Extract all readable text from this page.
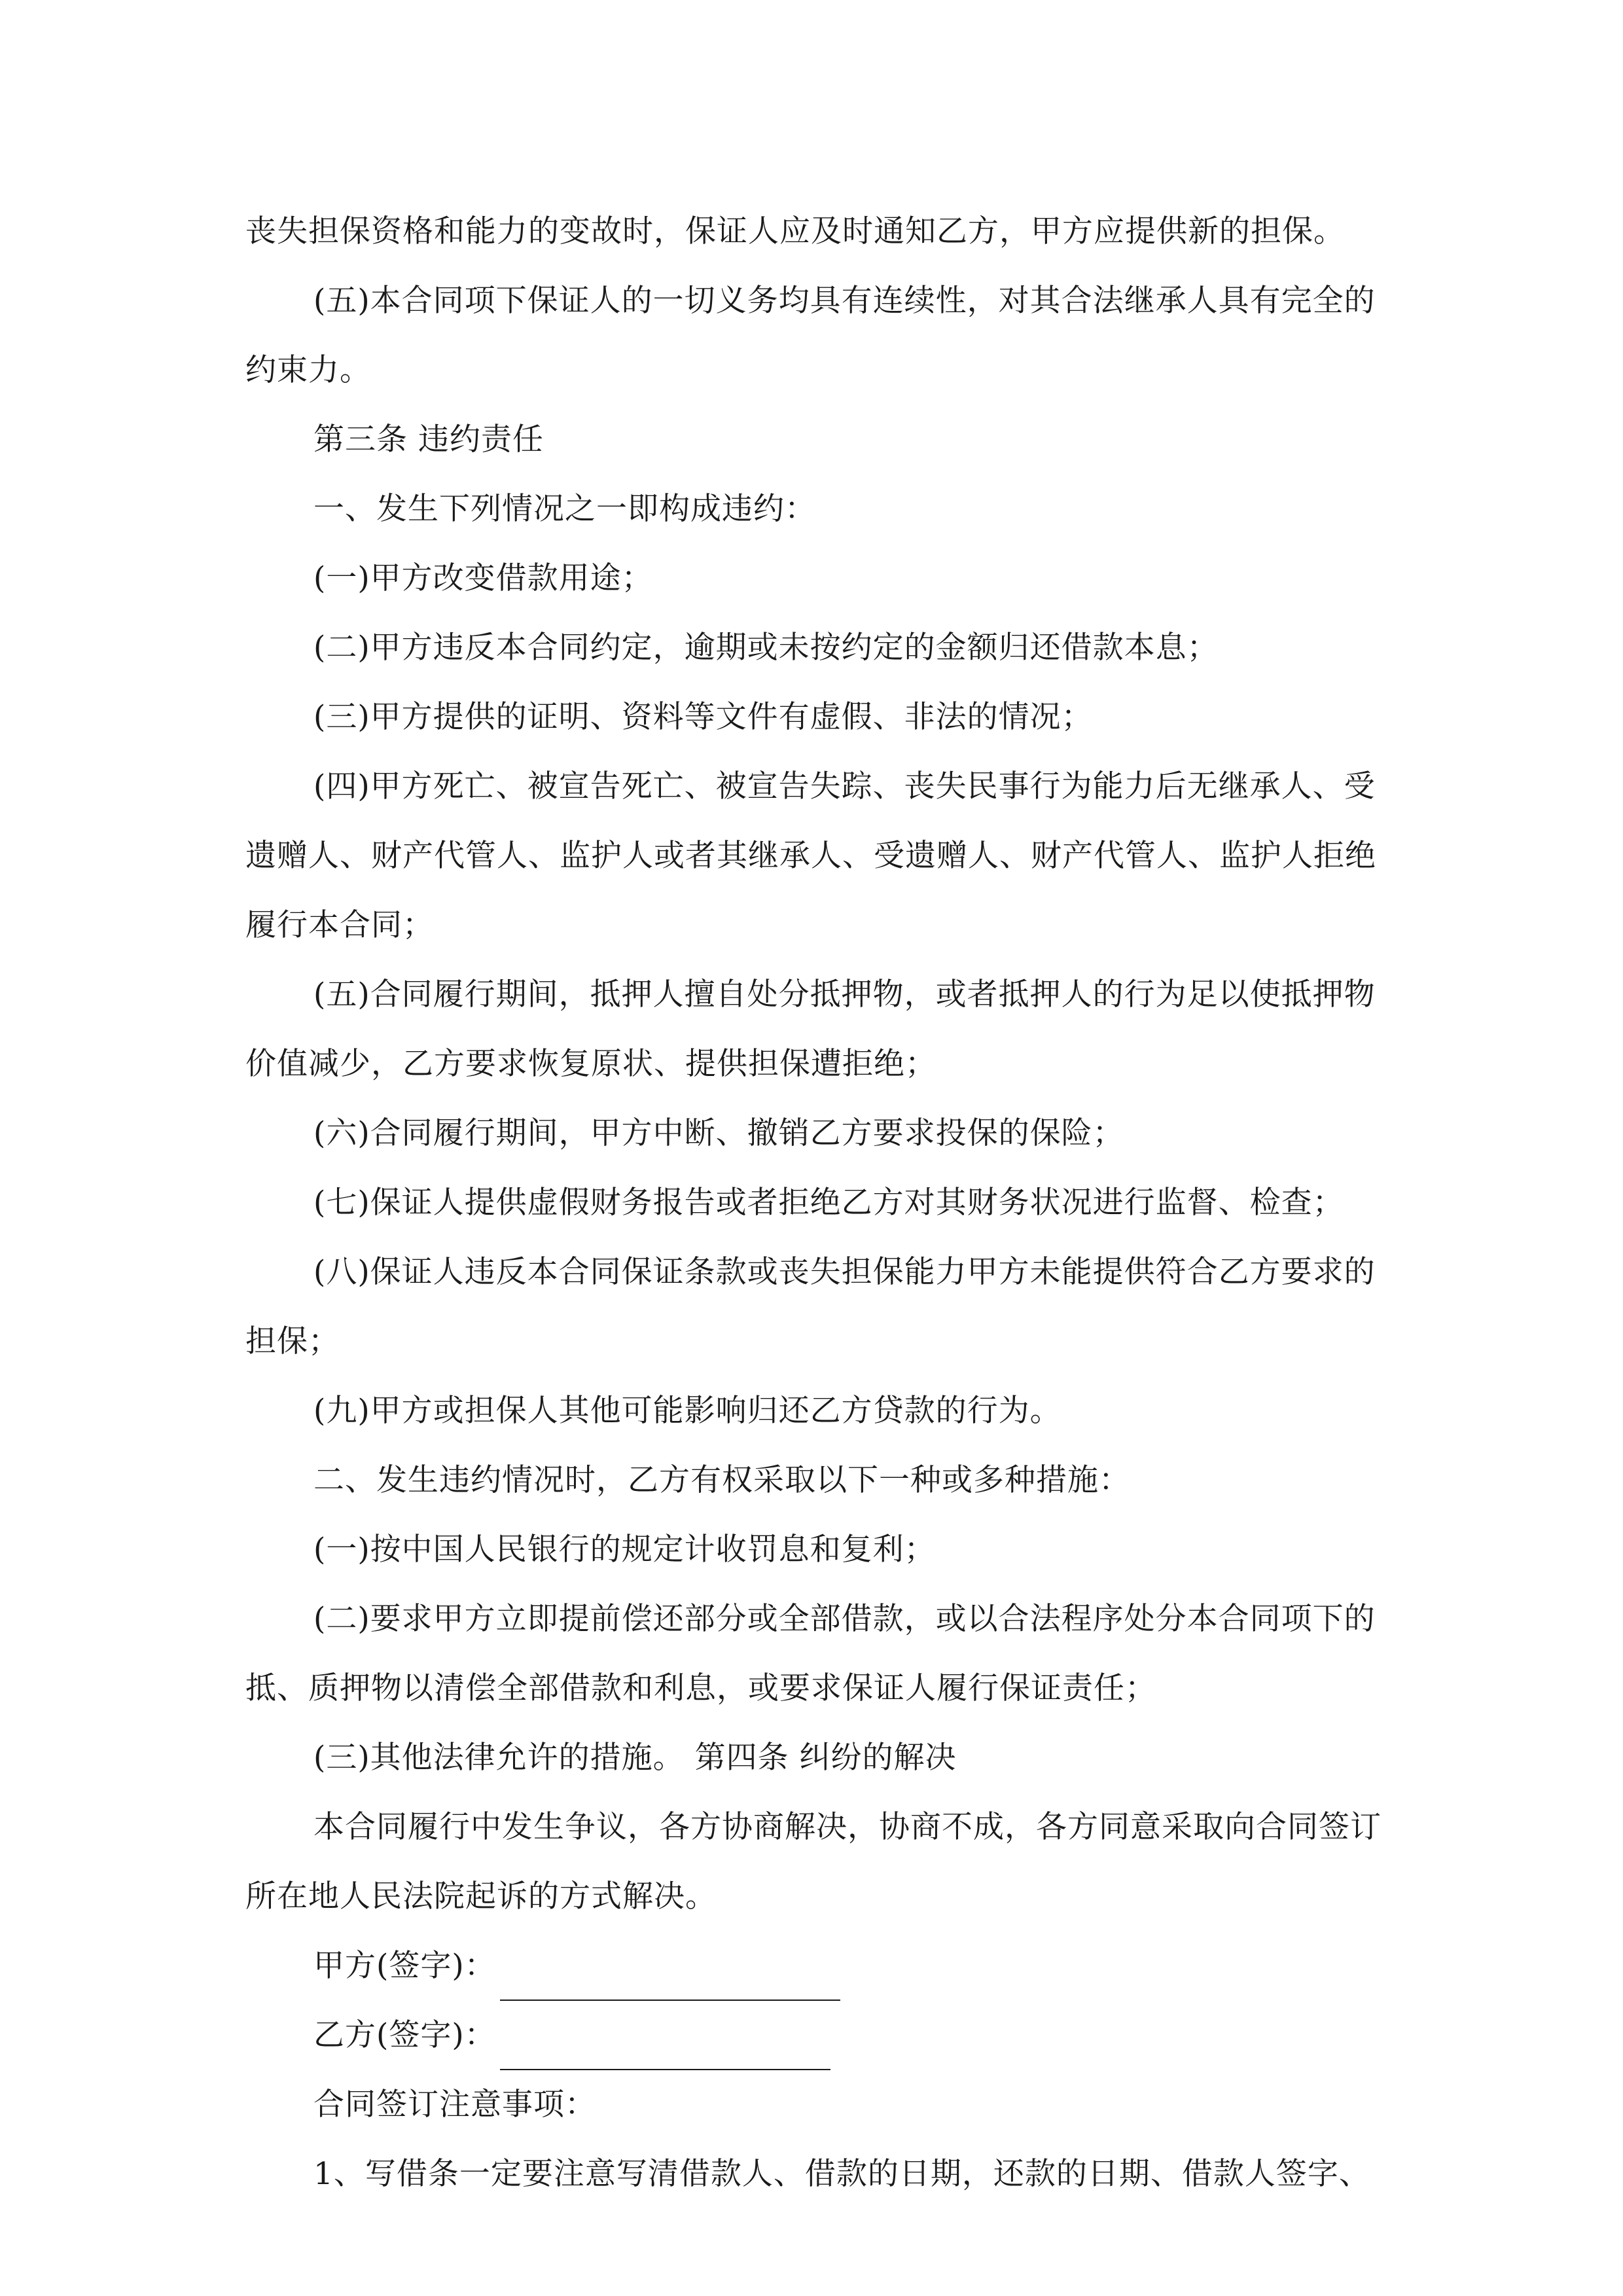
丧失担保资格和能力的变故时，保证人应及时通知乙方，甲方应提供新的担保。

(五)本合同项下保证人的一切义务均具有连续性，对其合法继承人具有完全的约束力。

第三条 违约责任

一、发生下列情况之一即构成违约：

(一)甲方改变借款用途；

(二)甲方违反本合同约定，逾期或未按约定的金额归还借款本息；

(三)甲方提供的证明、资料等文件有虚假、非法的情况；

(四)甲方死亡、被宣告死亡、被宣告失踪、丧失民事行为能力后无继承人、受遗赠人、财产代管人、监护人或者其继承人、受遗赠人、财产代管人、监护人拒绝履行本合同；

(五)合同履行期间，抵押人擅自处分抵押物，或者抵押人的行为足以使抵押物价值减少，乙方要求恢复原状、提供担保遭拒绝；

(六)合同履行期间，甲方中断、撤销乙方要求投保的保险；

(七)保证人提供虚假财务报告或者拒绝乙方对其财务状况进行监督、检查；

(八)保证人违反本合同保证条款或丧失担保能力甲方未能提供符合乙方要求的担保；

(九)甲方或担保人其他可能影响归还乙方贷款的行为。

二、发生违约情况时，乙方有权采取以下一种或多种措施：

(一)按中国人民银行的规定计收罚息和复利；

(二)要求甲方立即提前偿还部分或全部借款，或以合法程序处分本合同项下的抵、质押物以清偿全部借款和利息，或要求保证人履行保证责任；

(三)其他法律允许的措施。 第四条 纠纷的解决

本合同履行中发生争议，各方协商解决，协商不成，各方同意采取向合同签订所在地人民法院起诉的方式解决。

甲方(签字)：
乙方(签字)：

合同签订注意事项：

1、写借条一定要注意写清借款人、借款的日期，还款的日期、借款人签字、
